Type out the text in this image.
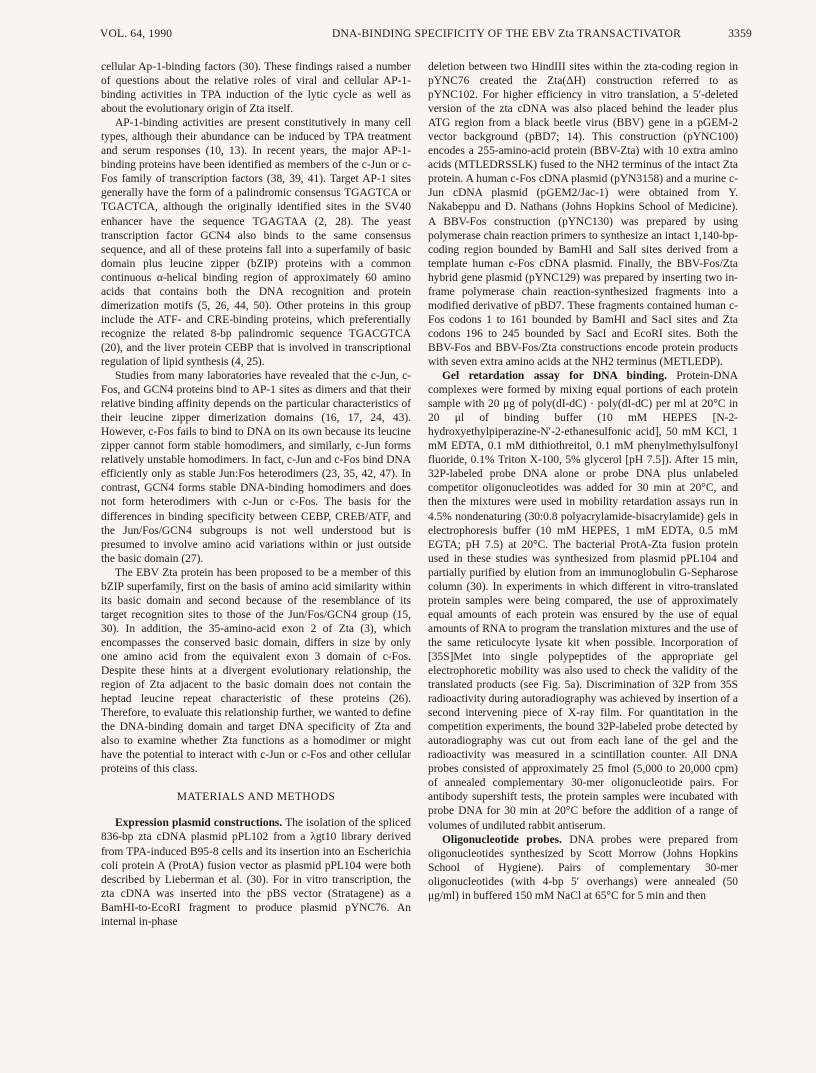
VOL. 64, 1990	DNA-BINDING SPECIFICITY OF THE EBV Zta TRANSACTIVATOR	3359

cellular Ap-1-binding factors (30). These findings raised a number of questions about the relative roles of viral and cellular AP-1-binding activities in TPA induction of the lytic cycle as well as about the evolutionary origin of Zta itself.

AP-1-binding activities are present constitutively in many cell types, although their abundance can be induced by TPA treatment and serum responses (10, 13). In recent years, the major AP-1-binding proteins have been identified as members of the c-Jun or c-Fos family of transcription factors (38, 39, 41). Target AP-1 sites generally have the form of a palindromic consensus TGAGTCA or TGACTCA, although the originally identified sites in the SV40 enhancer have the sequence TGAGTAA (2, 28). The yeast transcription factor GCN4 also binds to the same consensus sequence, and all of these proteins fall into a superfamily of basic domain plus leucine zipper (bZIP) proteins with a common continuous α-helical binding region of approximately 60 amino acids that contains both the DNA recognition and protein dimerization motifs (5, 26, 44, 50). Other proteins in this group include the ATF- and CRE-binding proteins, which preferentially recognize the related 8-bp palindromic sequence TGACGTCA (20), and the liver protein CEBP that is involved in transcriptional regulation of lipid synthesis (4, 25).

Studies from many laboratories have revealed that the c-Jun, c-Fos, and GCN4 proteins bind to AP-1 sites as dimers and that their relative binding affinity depends on the particular characteristics of their leucine zipper dimerization domains (16, 17, 24, 43). However, c-Fos fails to bind to DNA on its own because its leucine zipper cannot form stable homodimers, and similarly, c-Jun forms relatively unstable homodimers. In fact, c-Jun and c-Fos bind DNA efficiently only as stable Jun:Fos heterodimers (23, 35, 42, 47). In contrast, GCN4 forms stable DNA-binding homodimers and does not form heterodimers with c-Jun or c-Fos. The basis for the differences in binding specificity between CEBP, CREB/ATF, and the Jun/Fos/GCN4 subgroups is not well understood but is presumed to involve amino acid variations within or just outside the basic domain (27).

The EBV Zta protein has been proposed to be a member of this bZIP superfamily, first on the basis of amino acid similarity within its basic domain and second because of the resemblance of its target recognition sites to those of the Jun/Fos/GCN4 group (15, 30). In addition, the 35-amino-acid exon 2 of Zta (3), which encompasses the conserved basic domain, differs in size by only one amino acid from the equivalent exon 3 domain of c-Fos. Despite these hints at a divergent evolutionary relationship, the region of Zta adjacent to the basic domain does not contain the heptad leucine repeat characteristic of these proteins (26). Therefore, to evaluate this relationship further, we wanted to define the DNA-binding domain and target DNA specificity of Zta and also to examine whether Zta functions as a homodimer or might have the potential to interact with c-Jun or c-Fos and other cellular proteins of this class.

MATERIALS AND METHODS

Expression plasmid constructions. The isolation of the spliced 836-bp zta cDNA plasmid pPL102 from a λgt10 library derived from TPA-induced B95-8 cells and its insertion into an Escherichia coli protein A (ProtA) fusion vector as plasmid pPL104 were both described by Lieberman et al. (30). For in vitro transcription, the zta cDNA was inserted into the pBS vector (Stratagene) as a BamHI-to-EcoRI fragment to produce plasmid pYNC76. An internal in-phase

deletion between two HindIII sites within the zta-coding region in pYNC76 created the Zta(ΔH) construction referred to as pYNC102. For higher efficiency in vitro translation, a 5′-deleted version of the zta cDNA was also placed behind the leader plus ATG region from a black beetle virus (BBV) gene in a pGEM-2 vector background (pBD7; 14). This construction (pYNC100) encodes a 255-amino-acid protein (BBV-Zta) with 10 extra amino acids (MTLEDRSSLK) fused to the NH2 terminus of the intact Zta protein. A human c-Fos cDNA plasmid (pYN3158) and a murine c-Jun cDNA plasmid (pGEM2/Jac-1) were obtained from Y. Nakabeppu and D. Nathans (Johns Hopkins School of Medicine). A BBV-Fos construction (pYNC130) was prepared by using polymerase chain reaction primers to synthesize an intact 1,140-bp-coding region bounded by BamHI and SalI sites derived from a template human c-Fos cDNA plasmid. Finally, the BBV-Fos/Zta hybrid gene plasmid (pYNC129) was prepared by inserting two in-frame polymerase chain reaction-synthesized fragments into a modified derivative of pBD7. These fragments contained human c-Fos codons 1 to 161 bounded by BamHI and SacI sites and Zta codons 196 to 245 bounded by SacI and EcoRI sites. Both the BBV-Fos and BBV-Fos/Zta constructions encode protein products with seven extra amino acids at the NH2 terminus (METLEDP).

Gel retardation assay for DNA binding. Protein-DNA complexes were formed by mixing equal portions of each protein sample with 20 μg of poly(dI-dC) · poly(dI-dC) per ml at 20°C in 20 μl of binding buffer (10 mM HEPES [N-2-hydroxyethylpiperazine-N′-2-ethanesulfonic acid], 50 mM KCl, 1 mM EDTA, 0.1 mM dithiothreitol, 0.1 mM phenylmethylsulfonyl fluoride, 0.1% Triton X-100, 5% glycerol [pH 7.5]). After 15 min, 32P-labeled probe DNA alone or probe DNA plus unlabeled competitor oligonucleotides was added for 30 min at 20°C, and then the mixtures were used in mobility retardation assays run in 4.5% nondenaturing (30:0.8 polyacrylamide-bisacrylamide) gels in electrophoresis buffer (10 mM HEPES, 1 mM EDTA, 0.5 mM EGTA; pH 7.5) at 20°C. The bacterial ProtA-Zta fusion protein used in these studies was synthesized from plasmid pPL104 and partially purified by elution from an immunoglobulin G-Sepharose column (30). In experiments in which different in vitro-translated protein samples were being compared, the use of approximately equal amounts of each protein was ensured by the use of equal amounts of RNA to program the translation mixtures and the use of the same reticulocyte lysate kit when possible. Incorporation of [35S]Met into single polypeptides of the appropriate gel electrophoretic mobility was also used to check the validity of the translated products (see Fig. 5a). Discrimination of 32P from 35S radioactivity during autoradiography was achieved by insertion of a second intervening piece of X-ray film. For quantitation in the competition experiments, the bound 32P-labeled probe detected by autoradiography was cut out from each lane of the gel and the radioactivity was measured in a scintillation counter. All DNA probes consisted of approximately 25 fmol (5,000 to 20,000 cpm) of annealed complementary 30-mer oligonucleotide pairs. For antibody supershift tests, the protein samples were incubated with probe DNA for 30 min at 20°C before the addition of a range of volumes of undiluted rabbit antiserum.

Oligonucleotide probes. DNA probes were prepared from oligonucleotides synthesized by Scott Morrow (Johns Hopkins School of Hygiene). Pairs of complementary 30-mer oligonucleotides (with 4-bp 5′ overhangs) were annealed (50 μg/ml) in buffered 150 mM NaCl at 65°C for 5 min and then
